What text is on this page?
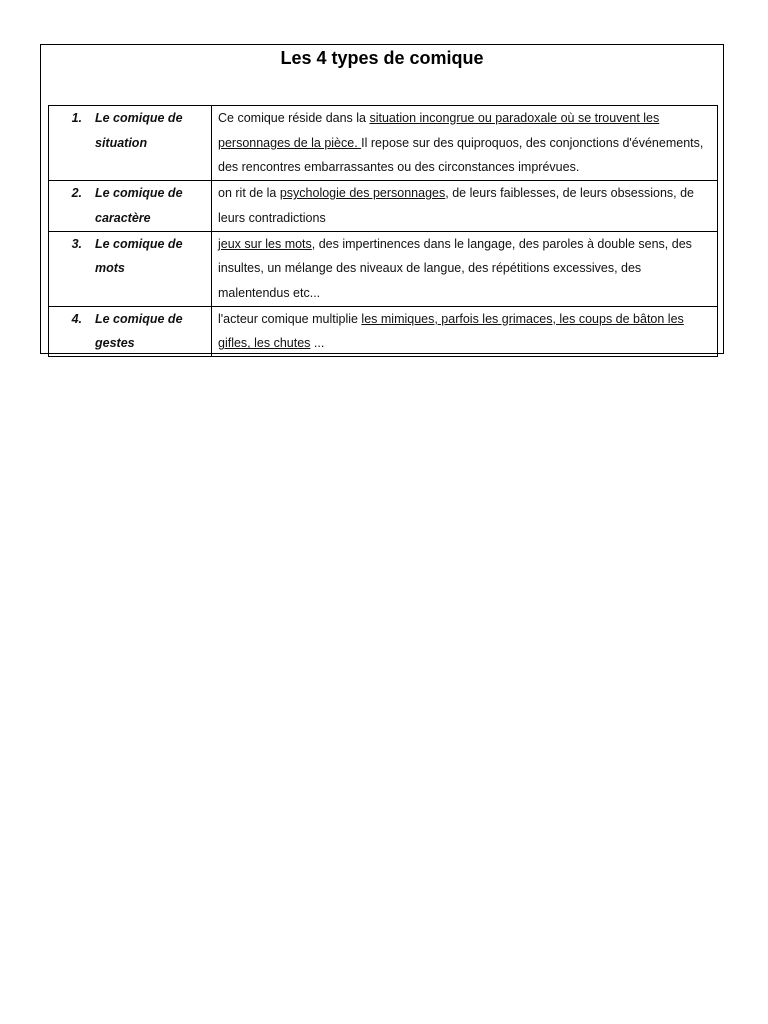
Les 4 types de comique
1. Le comique de situation	Ce comique réside dans la situation incongrue ou paradoxale où se trouvent les personnages de la pièce. Il repose sur des quiproquos, des conjonctions d'événements, des rencontres embarrassantes ou des circonstances imprévues.

2. Le comique de caractère	on rit de la psychologie des personnages, de leurs faiblesses, de leurs obsessions, de leurs contradictions

3. Le comique de mots	jeux sur les mots, des impertinences dans le langage, des paroles à double sens, des insultes, un mélange des niveaux de langue, des répétitions excessives, des malentendus etc...

4. Le comique de gestes	l'acteur comique multiplie les mimiques, parfois les grimaces, les coups de bâton les gifles, les chutes ...
